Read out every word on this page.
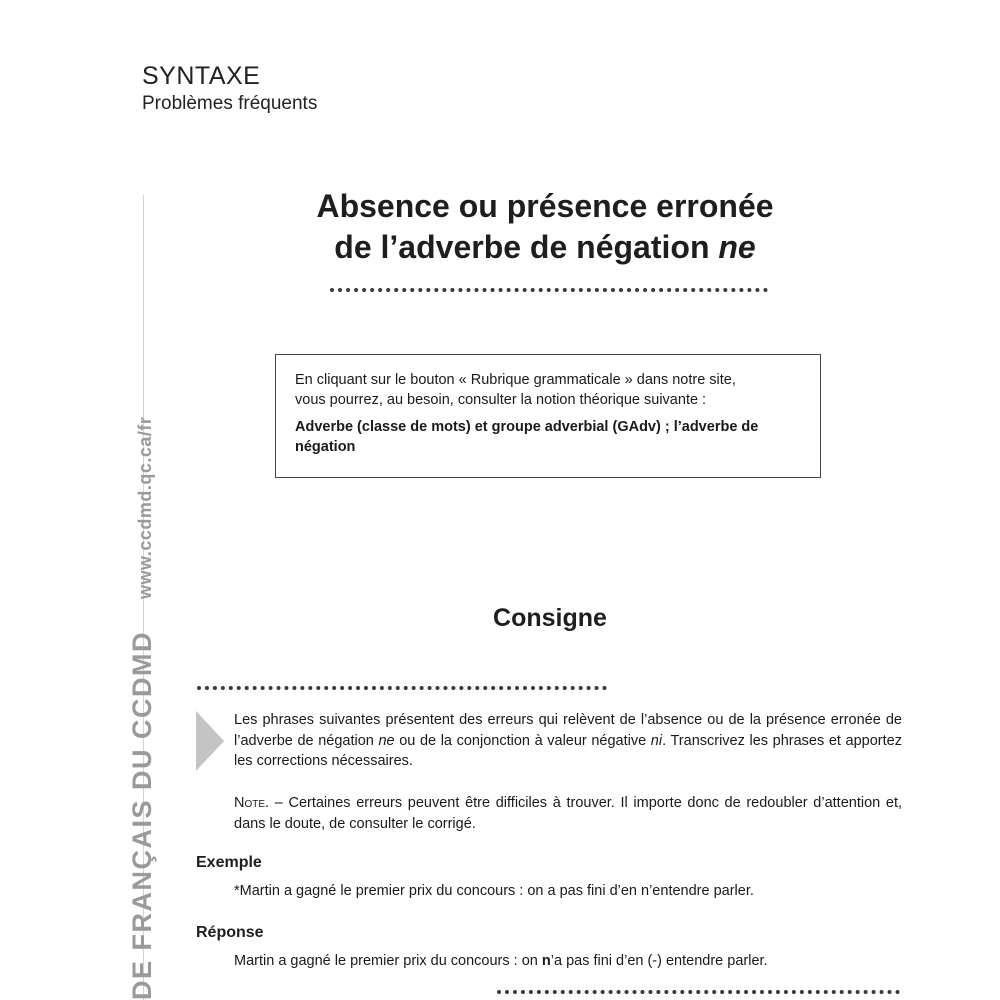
SYNTAXE
Problèmes fréquents
DE FRANÇAIS DU CCDMDwww.ccdmd.qc.ca/fr
Absence ou présence erronée
de l’adverbe de négation ne
En cliquant sur le bouton « Rubrique grammaticale » dans notre site,
vous pourrez, au besoin, consulter la notion théorique suivante :
Adverbe (classe de mots) et groupe adverbial (GAdv) ; l’adverbe de négation
Consigne
Les phrases suivantes présentent des erreurs qui relèvent de l’absence ou de la présence erronée de l’adverbe de négation ne ou de la conjonction à valeur négative ni. Transcrivez les phrases et apportez les corrections nécessaires.
Note. – Certaines erreurs peuvent être difficiles à trouver. Il importe donc de redoubler d’attention et, dans le doute, de consulter le corrigé.
Exemple
*Martin a gagné le premier prix du concours : on a pas fini d’en n’entendre parler.
Réponse
Martin a gagné le premier prix du concours : on n’a pas fini d’en (-) entendre parler.
